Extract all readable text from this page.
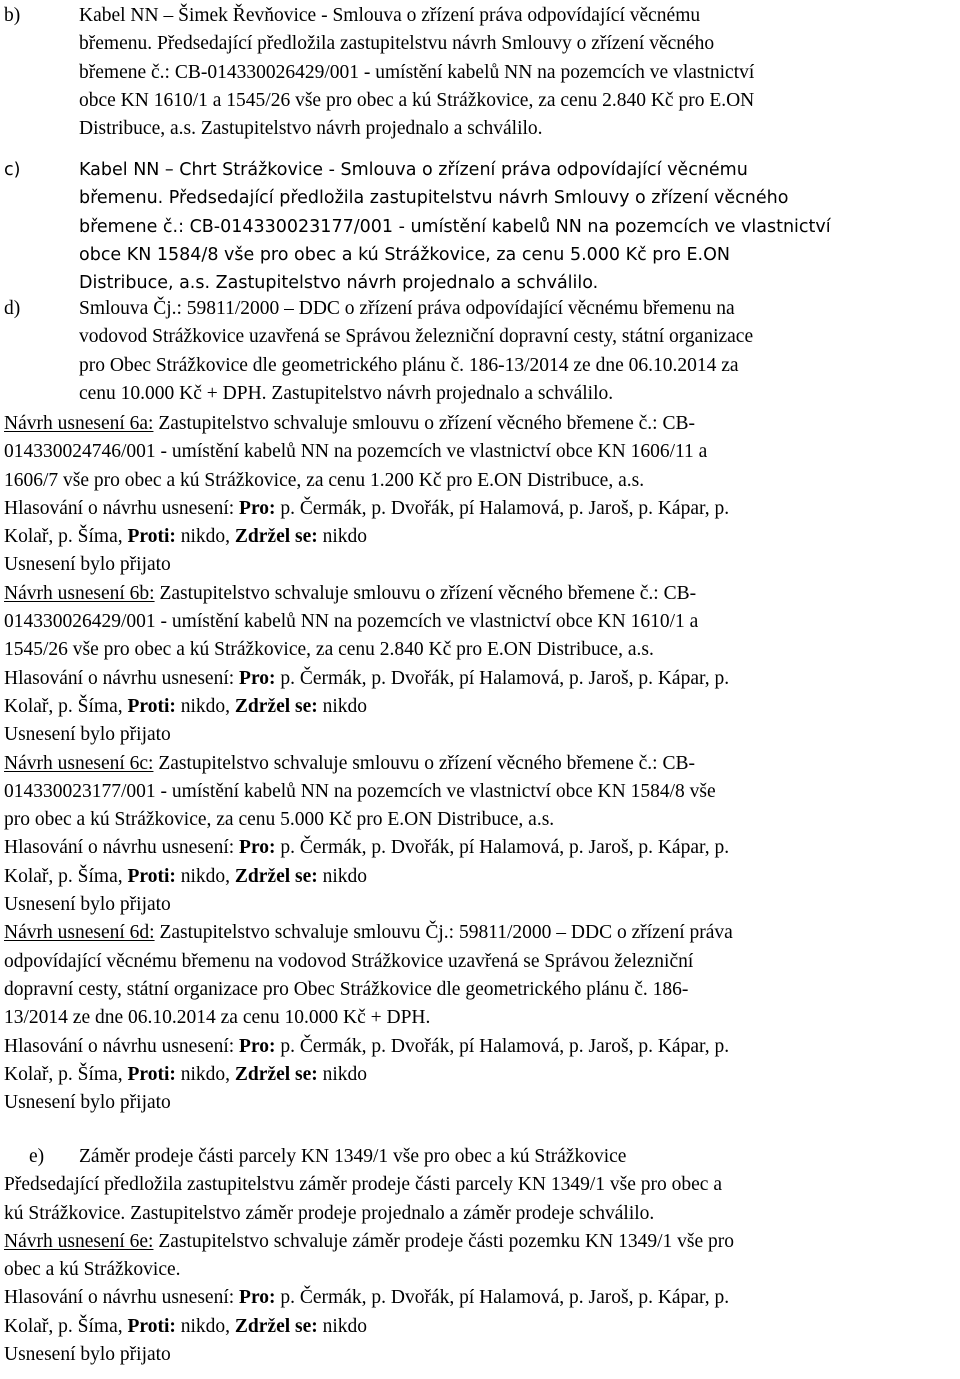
b)	Kabel NN – Šimek Řevňovice - Smlouva o zřízení práva odpovídající věcnému
břemenu. Předsedající předložila zastupitelstvu návrh Smlouvy o zřízení věcného
břemene č.: CB-014330026429/001 - umístění kabelů NN na pozemcích ve vlastnictví
obce KN 1610/1 a 1545/26 vše pro obec a kú Strážkovice, za cenu 2.840 Kč pro E.ON
Distribuce, a.s. Zastupitelstvo návrh projednalo a schválilo.
c)	Kabel NN – Chrt Strážkovice - Smlouva o zřízení práva odpovídající věcnému
břemenu. Předsedající předložila zastupitelstvu návrh Smlouvy o zřízení věcného
břemene č.: CB-014330023177/001 - umístění kabelů NN na pozemcích ve vlastnictví
obce KN 1584/8 vše pro obec a kú Strážkovice, za cenu 5.000 Kč pro E.ON
Distribuce, a.s. Zastupitelstvo návrh projednalo a schválilo.
d)	Smlouva Čj.: 59811/2000 – DDC o zřízení práva odpovídající věcnému břemenu na
vodovod Strážkovice uzavřená se Správou železniční dopravní cesty, státní organizace
pro Obec Strážkovice dle geometrického plánu č. 186-13/2014 ze dne 06.10.2014 za
cenu 10.000 Kč + DPH. Zastupitelstvo návrh projednalo a schválilo.
Návrh usnesení 6a: Zastupitelstvo schvaluje smlouvu o zřízení věcného břemene č.: CB-
014330024746/001 - umístění kabelů NN na pozemcích ve vlastnictví obce KN 1606/11 a
1606/7 vše pro obec a kú Strážkovice, za cenu 1.200 Kč pro E.ON Distribuce, a.s.
Hlasování o návrhu usnesení: Pro: p. Čermák, p. Dvořák, pí Halamová, p. Jaroš, p. Kápar, p.
Kolař, p. Šíma, Proti: nikdo, Zdržel se: nikdo
Usnesení bylo přijato
Návrh usnesení 6b: Zastupitelstvo schvaluje smlouvu o zřízení věcného břemene č.: CB-
014330026429/001 - umístění kabelů NN na pozemcích ve vlastnictví obce KN 1610/1 a
1545/26 vše pro obec a kú Strážkovice, za cenu 2.840 Kč pro E.ON Distribuce, a.s.
Hlasování o návrhu usnesení: Pro: p. Čermák, p. Dvořák, pí Halamová, p. Jaroš, p. Kápar, p.
Kolař, p. Šíma, Proti: nikdo, Zdržel se: nikdo
Usnesení bylo přijato
Návrh usnesení 6c: Zastupitelstvo schvaluje smlouvu o zřízení věcného břemene č.: CB-
014330023177/001 - umístění kabelů NN na pozemcích ve vlastnictví obce KN 1584/8 vše
pro obec a kú Strážkovice, za cenu 5.000 Kč pro E.ON Distribuce, a.s.
Hlasování o návrhu usnesení: Pro: p. Čermák, p. Dvořák, pí Halamová, p. Jaroš, p. Kápar, p.
Kolař, p. Šíma, Proti: nikdo, Zdržel se: nikdo
Usnesení bylo přijato
Návrh usnesení 6d: Zastupitelstvo schvaluje smlouvu Čj.: 59811/2000 – DDC o zřízení práva
odpovídající věcnému břemenu na vodovod Strážkovice uzavřená se Správou železniční
dopravní cesty, státní organizace pro Obec Strážkovice dle geometrického plánu č. 186-
13/2014 ze dne 06.10.2014 za cenu 10.000 Kč + DPH.
Hlasování o návrhu usnesení: Pro: p. Čermák, p. Dvořák, pí Halamová, p. Jaroš, p. Kápar, p.
Kolař, p. Šíma, Proti: nikdo, Zdržel se: nikdo
Usnesení bylo přijato
e) Záměr prodeje části parcely KN 1349/1 vše pro obec a kú Strážkovice
Předsedající předložila zastupitelstvu záměr prodeje části parcely KN 1349/1 vše pro obec a
kú Strážkovice. Zastupitelstvo záměr prodeje projednalo a záměr prodeje schválilo.
Návrh usnesení 6e: Zastupitelstvo schvaluje záměr prodeje části pozemku KN 1349/1 vše pro
obec a kú Strážkovice.
Hlasování o návrhu usnesení: Pro: p. Čermák, p. Dvořák, pí Halamová, p. Jaroš, p. Kápar, p.
Kolař, p. Šíma, Proti: nikdo, Zdržel se: nikdo
Usnesení bylo přijato
